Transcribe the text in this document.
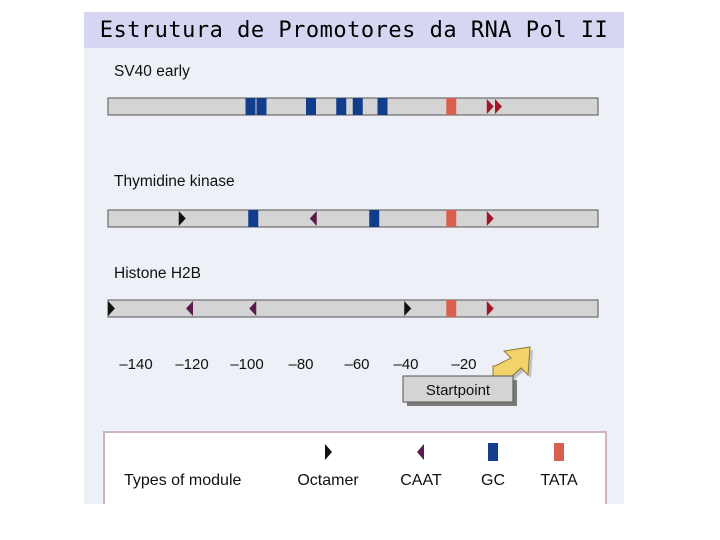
Estrutura de Promotores da RNA Pol II
SV40 early
Thymidine kinase
Histone H2B
–140 –120 –100 –80 –60 –40 –20
Startpoint
Types of module	Octamer	CAAT GC TATA
